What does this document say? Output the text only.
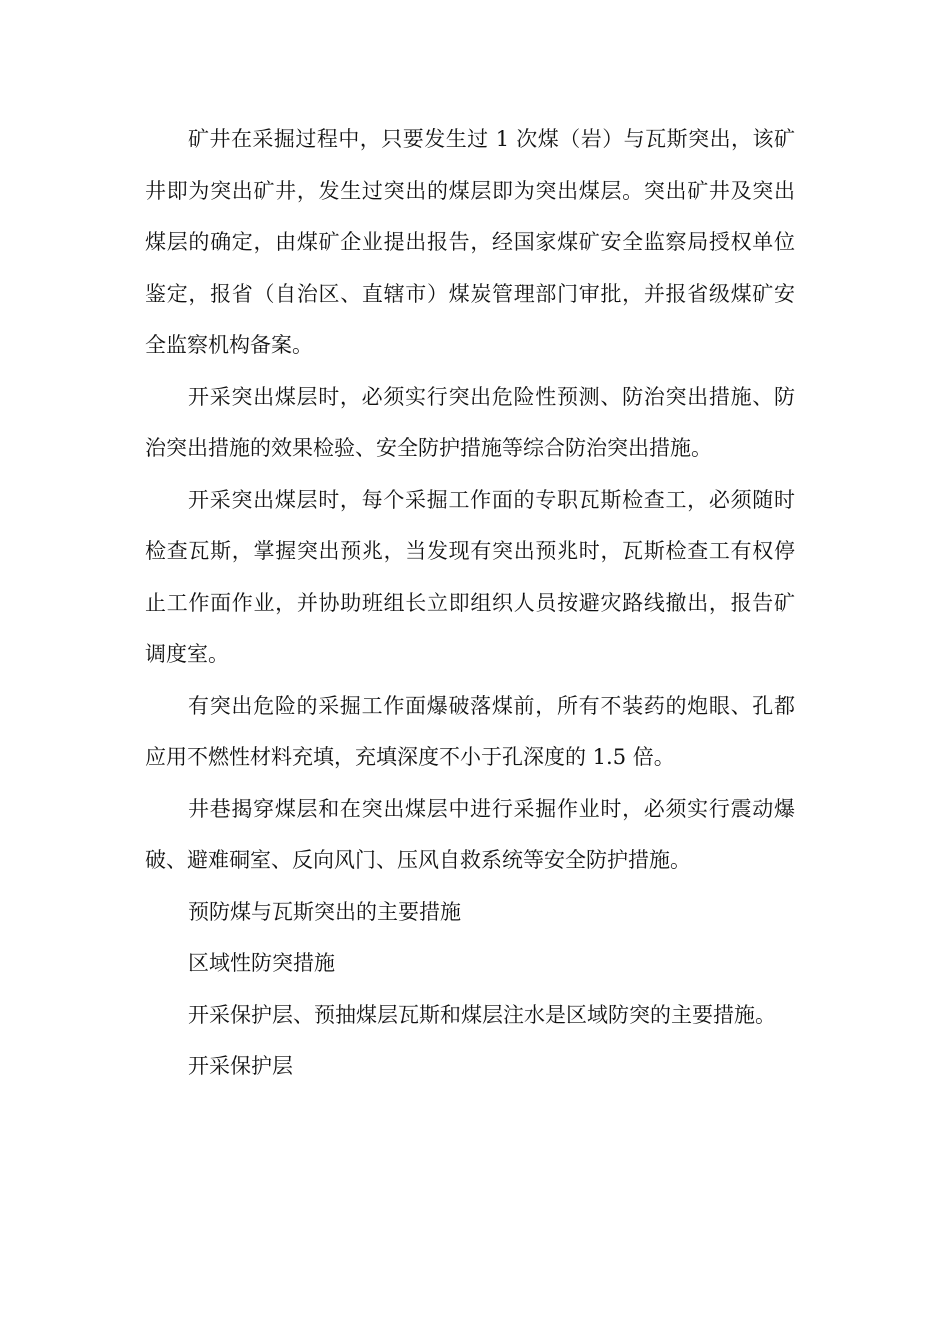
矿井在采掘过程中，只要发生过 1 次煤（岩）与瓦斯突出，该矿井即为突出矿井，发生过突出的煤层即为突出煤层。突出矿井及突出煤层的确定，由煤矿企业提出报告，经国家煤矿安全监察局授权单位鉴定，报省（自治区、直辖市）煤炭管理部门审批，并报省级煤矿安全监察机构备案。

开采突出煤层时，必须实行突出危险性预测、防治突出措施、防治突出措施的效果检验、安全防护措施等综合防治突出措施。

开采突出煤层时，每个采掘工作面的专职瓦斯检查工，必须随时检查瓦斯，掌握突出预兆，当发现有突出预兆时，瓦斯检查工有权停止工作面作业，并协助班组长立即组织人员按避灾路线撤出，报告矿调度室。

有突出危险的采掘工作面爆破落煤前，所有不装药的炮眼、孔都应用不燃性材料充填，充填深度不小于孔深度的 1.5 倍。

井巷揭穿煤层和在突出煤层中进行采掘作业时，必须实行震动爆破、避难硐室、反向风门、压风自救系统等安全防护措施。

预防煤与瓦斯突出的主要措施

区域性防突措施

开采保护层、预抽煤层瓦斯和煤层注水是区域防突的主要措施。

开采保护层
